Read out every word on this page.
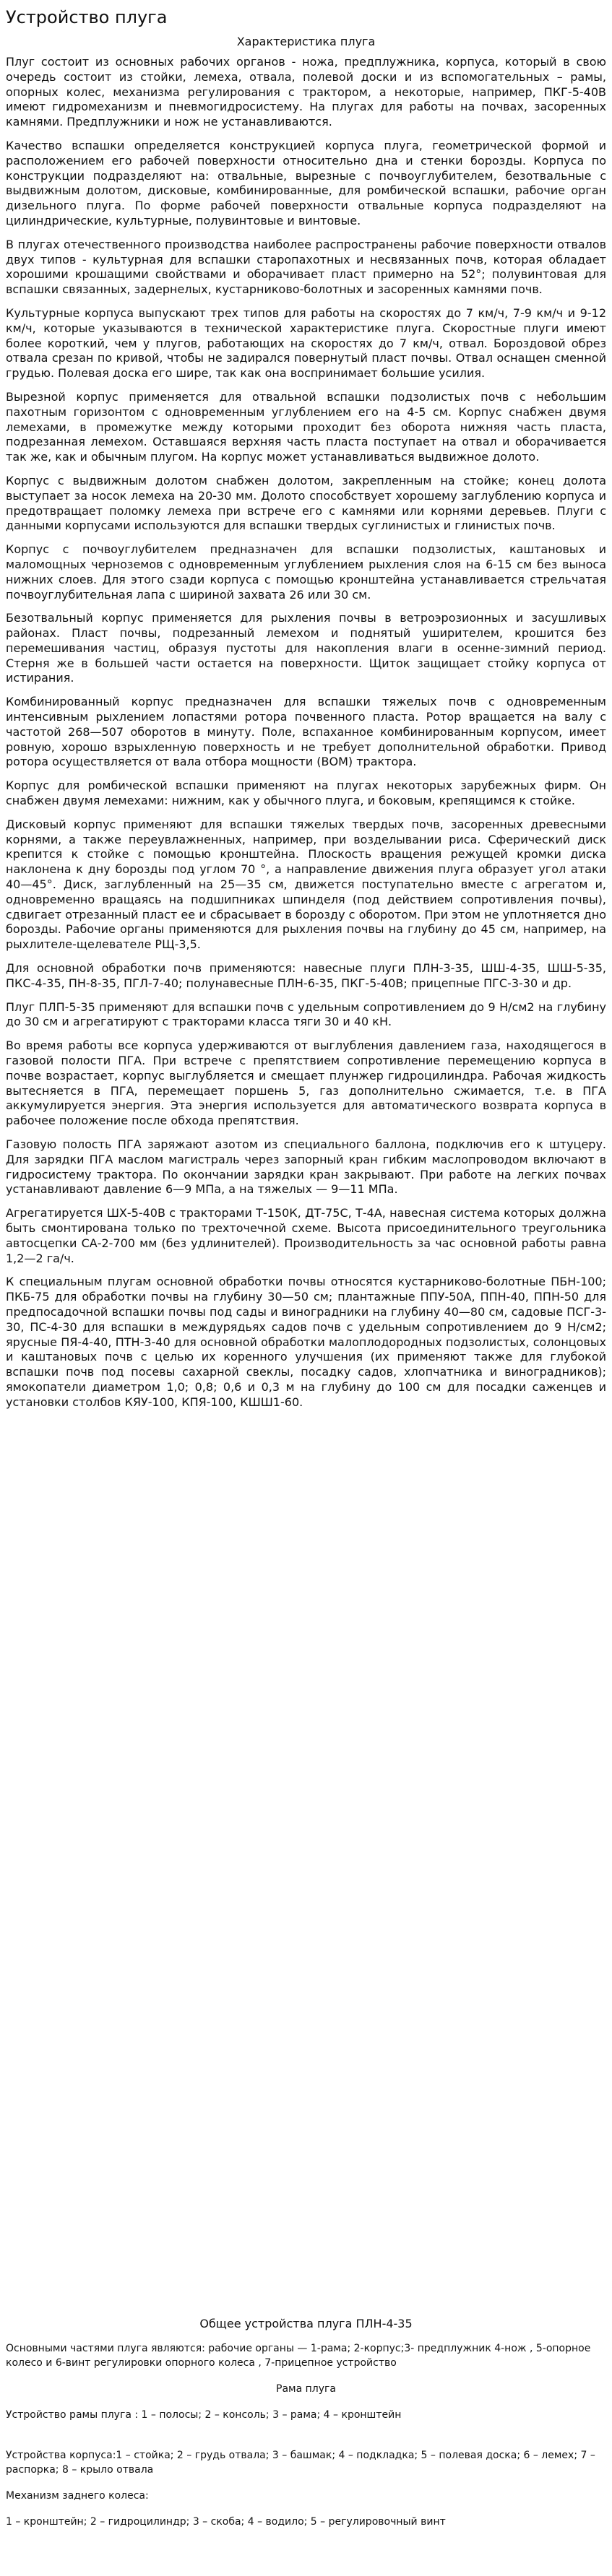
Устройство плуга
Характеристика плуга

Плуг состоит из основных рабочих органов - ножа, предплужника, корпуса, который в свою очередь состоит из стойки, лемеха, отвала, полевой доски и из вспомогательных – рамы, опорных колес, механизма регулирования с трактором, а некоторые, например, ПКГ-5-40В имеют гидромеханизм и пневмогидросистему. На плугах для работы на почвах, засоренных камнями. Предплужники и нож не устанавливаются.

Качество вспашки определяется конструкцией корпуса плуга, геометрической формой и расположением его рабочей поверхности относительно дна и стенки борозды. Корпуса по конструкции подразделяют на: отвальные, вырезные с почвоуглубителем, безотвальные с выдвижным долотом, дисковые, комбинированные, для ромбической вспашки, рабочие орган дизельного плуга. По форме рабочей поверхности отвальные корпуса подразделяют на цилиндрические, культурные, полувинтовые и винтовые.

В плугах отечественного производства наиболее распространены рабочие поверхности отвалов двух типов - культурная для вспашки старопахотных и несвязанных почв, которая обладает хорошими крошащими свойствами и оборачивает пласт примерно на 52°; полувинтовая для вспашки связанных, задернелых, кустарниково-болотных и засоренных камнями почв.

Культурные корпуса выпускают трех типов для работы на скоростях до 7 км/ч, 7-9 км/ч и 9-12 км/ч, которые указываются в технической характеристике плуга. Скоростные плуги имеют более короткий, чем у плугов, работающих на скоростях до 7 км/ч, отвал. Бороздовой обрез отвала срезан по кривой, чтобы не задирался повернутый пласт почвы. Отвал оснащен сменной грудью. Полевая доска его шире, так как она воспринимает большие усилия.

Вырезной корпус применяется для отвальной вспашки подзолистых почв с небольшим пахотным горизонтом с одновременным углублением его на 4-5 см. Корпус снабжен двумя лемехами, в промежутке между которыми проходит без оборота нижняя часть пласта, подрезанная лемехом. Оставшаяся верхняя часть пласта поступает на отвал и оборачивается так же, как и обычным плугом. На корпус может устанавливаться выдвижное долото.

Корпус с выдвижным долотом снабжен долотом, закрепленным на стойке; конец долота выступает за носок лемеха на 20-30 мм. Долото способствует хорошему заглублению корпуса и предотвращает поломку лемеха при встрече его с камнями или корнями деревьев. Плуги с данными корпусами используются для вспашки твердых суглинистых и глинистых почв.

Корпус с почвоуглубителем предназначен для вспашки подзолистых, каштановых и маломощных черноземов с одновременным углублением рыхления слоя на 6-15 см без выноса нижних слоев. Для этого сзади корпуса с помощью кронштейна устанавливается стрельчатая почвоуглубительная лапа с шириной захвата 26 или 30 см.

Безотвальный корпус применяется для рыхления почвы в ветроэрозионных и засушливых районах. Пласт почвы, подрезанный лемехом и поднятый уширителем, крошится без перемешивания частиц, образуя пустоты для накопления влаги в осенне-зимний период. Стерня же в большей части остается на поверхности. Щиток защищает стойку корпуса от истирания.

Комбинированный корпус предназначен для вспашки тяжелых почв с одновременным интенсивным рыхлением лопастями ротора почвенного пласта. Ротор вращается на валу с частотой 268—507 оборотов в минуту. Поле, вспаханное комбинированным корпусом, имеет ровную, хорошо взрыхленную поверхность и не требует дополнительной обработки. Привод ротора осуществляется от вала отбора мощности (ВОМ) трактора.

Корпус для ромбической вспашки применяют на плугах некоторых зарубежных фирм. Он снабжен двумя лемехами: нижним, как у обычного плуга, и боковым, крепящимся к стойке.

Дисковый корпус применяют для вспашки тяжелых твердых почв, засоренных древесными корнями, а также переувлажненных, например, при возделывании риса. Сферический диск крепится к стойке с помощью кронштейна. Плоскость вращения режущей кромки диска наклонена к дну борозды под углом 70 °, а направление движения плуга образует угол атаки 40—45°. Диск, заглубленный на 25—35 см, движется поступательно вместе с агрегатом и, одновременно вращаясь на подшипниках шпинделя (под действием сопротивления почвы), сдвигает отрезанный пласт ее и сбрасывает в борозду с оборотом. При этом не уплотняется дно борозды. Рабочие органы применяются для рыхления почвы на глубину до 45 см, например, на рыхлителе-щелевателе РЩ-3,5.

Для основной обработки почв применяются: навесные плуги ПЛН-3-35, ШШ-4-35, ШШ-5-35, ПКС-4-35, ПН-8-35, ПГЛ-7-40; полунавесные ПЛН-6-35, ПКГ-5-40В; прицепные ПГС-3-30 и др.

Плуг ПЛП-5-35 применяют для вспашки почв с удельным сопротивлением до 9 Н/см2 на глубину до 30 см и агрегатируют с тракторами класса тяги 30 и 40 кН.

Во время работы все корпуса удерживаются от выглубления давлением газа, находящегося в газовой полости ПГА. При встрече с препятствием сопротивление перемещению корпуса в почве возрастает, корпус выглубляется и смещает плунжер гидроцилиндра. Рабочая жидкость вытесняется в ПГА, перемещает поршень 5, газ дополнительно сжимается, т.е. в ПГА аккумулируется энергия. Эта энергия используется для автоматического возврата корпуса в рабочее положение после обхода препятствия.

Газовую полость ПГА заряжают азотом из специального баллона, подключив его к штуцеру. Для зарядки ПГА маслом магистраль через запорный кран гибким маслопроводом включают в гидросистему трактора. По окончании зарядки кран закрывают. При работе на легких почвах устанавливают давление 6—9 МПа, а на тяжелых — 9—11 МПа.

Агрегатируется ШХ-5-40В с тракторами Т-150К, ДТ-75С, Т-4А, навесная система которых должна быть смонтирована только по трехточечной схеме. Высота присоединительного треугольника автосцепки СА-2-700 мм (без удлинителей). Производительность за час основной работы равна 1,2—2 га/ч.

К специальным плугам основной обработки почвы относятся кустарниково-болотные ПБН-100; ПКБ-75 для обработки почвы на глубину 30—50 см; плантажные ППУ-50А, ППН-40, ППН-50 для предпосадочной вспашки почвы под сады и виноградники на глубину 40—80 см, садовые ПСГ-3-30, ПС-4-30 для вспашки в междурядьях садов почв с удельным сопротивлением до 9 Н/см2; ярусные ПЯ-4-40, ПТН-3-40 для основной обработки малоплодородных подзолистых, солонцовых и каштановых почв с целью их коренного улучшения (их применяют также для глубокой вспашки почв под посевы сахарной свеклы, посадку садов, хлопчатника и виноградников); ямокопатели диаметром 1,0; 0,8; 0,6 и 0,3 м на глубину до 100 см для посадки саженцев и установки столбов КЯУ-100, КПЯ-100, КШШ1-60.

Общее устройства плуга ПЛН-4-35

Основными частями плуга являются: рабочие органы — 1-рама; 2-корпус;3- предплужник 4-нож , 5-опорное колесо и 6-винт регулировки опорного колеса , 7-прицепное устройство

Рама плуга

Устройство рамы плуга : 1 – полосы; 2 – консоль; 3 – рама; 4 – кронштейн

Устройства корпуса:1 – стойка; 2 – грудь отвала; 3 – башмак; 4 – подкладка; 5 – полевая доска; 6 – лемех; 7 – распорка; 8 – крыло отвала

Механизм заднего колеса:

1 – кронштейн; 2 – гидроцилиндр; 3 – скоба; 4 – водило; 5 – регулировочный винт
